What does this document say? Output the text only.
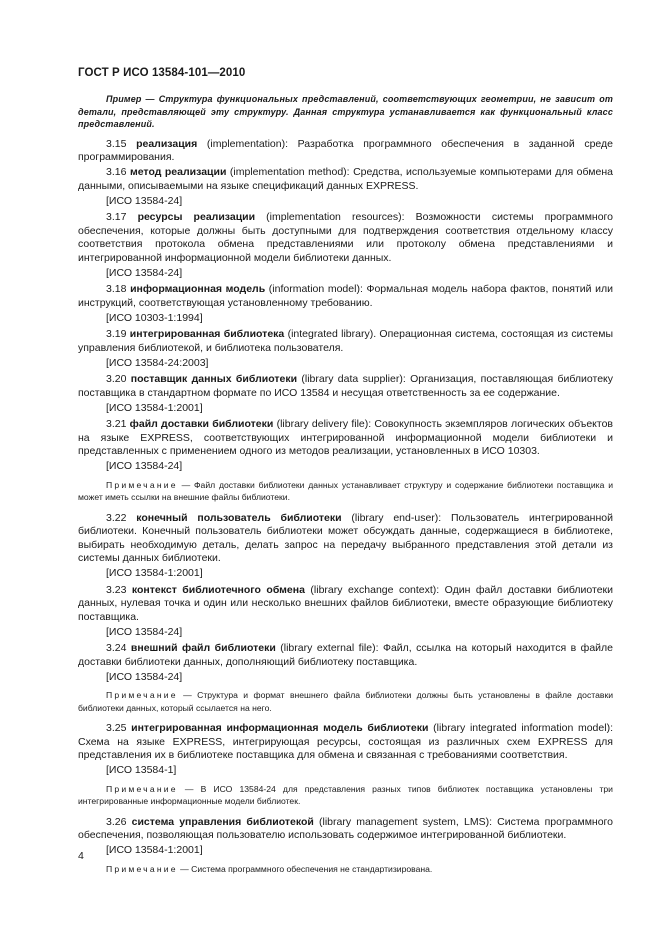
ГОСТ Р ИСО 13584-101—2010
Пример — Структура функциональных представлений, соответствующих геометрии, не зависит от детали, представляющей эту структуру. Данная структура устанавливается как функциональный класс представлений.
3.15 реализация (implementation): Разработка программного обеспечения в заданной среде программирования.
3.16 метод реализации (implementation method): Средства, используемые компьютерами для обмена данными, описываемыми на языке спецификаций данных EXPRESS.
[ИСО 13584-24]
3.17 ресурсы реализации (implementation resources): Возможности системы программного обеспечения, которые должны быть доступными для подтверждения соответствия отдельному классу соответствия протокола обмена представлениями или протоколу обмена представлениями и интегрированной информационной модели библиотеки данных.
[ИСО 13584-24]
3.18 информационная модель (information model): Формальная модель набора фактов, понятий или инструкций, соответствующая установленному требованию.
[ИСО 10303-1:1994]
3.19 интегрированная библиотека (integrated library). Операционная система, состоящая из системы управления библиотекой, и библиотека пользователя.
[ИСО 13584-24:2003]
3.20 поставщик данных библиотеки (library data supplier): Организация, поставляющая библиотеку поставщика в стандартном формате по ИСО 13584 и несущая ответственность за ее содержание.
[ИСО 13584-1:2001]
3.21 файл доставки библиотеки (library delivery file): Совокупность экземпляров логических объектов на языке EXPRESS, соответствующих интегрированной информационной модели библиотеки и представленных с применением одного из методов реализации, установленных в ИСО 10303.
[ИСО 13584-24]
Примечание — Файл доставки библиотеки данных устанавливает структуру и содержание библиотеки поставщика и может иметь ссылки на внешние файлы библиотеки.
3.22 конечный пользователь библиотеки (library end-user): Пользователь интегрированной библиотеки. Конечный пользователь библиотеки может обсуждать данные, содержащиеся в библиотеке, выбирать необходимую деталь, делать запрос на передачу выбранного представления этой детали из системы данных библиотеки.
[ИСО 13584-1:2001]
3.23 контекст библиотечного обмена (library exchange context): Один файл доставки библиотеки данных, нулевая точка и один или несколько внешних файлов библиотеки, вместе образующие библиотеку поставщика.
[ИСО 13584-24]
3.24 внешний файл библиотеки (library external file): Файл, ссылка на который находится в файле доставки библиотеки данных, дополняющий библиотеку поставщика.
[ИСО 13584-24]
Примечание — Структура и формат внешнего файла библиотеки должны быть установлены в файле доставки библиотеки данных, который ссылается на него.
3.25 интегрированная информационная модель библиотеки (library integrated information model): Схема на языке EXPRESS, интегрирующая ресурсы, состоящая из различных схем EXPRESS для представления их в библиотеке поставщика для обмена и связанная с требованиями соответствия.
[ИСО 13584-1]
Примечание — В ИСО 13584-24 для представления разных типов библиотек поставщика установлены три интегрированные информационные модели библиотек.
3.26 система управления библиотекой (library management system, LMS): Система программного обеспечения, позволяющая пользователю использовать содержимое интегрированной библиотеки.
[ИСО 13584-1:2001]
Примечание — Система программного обеспечения не стандартизирована.
4
